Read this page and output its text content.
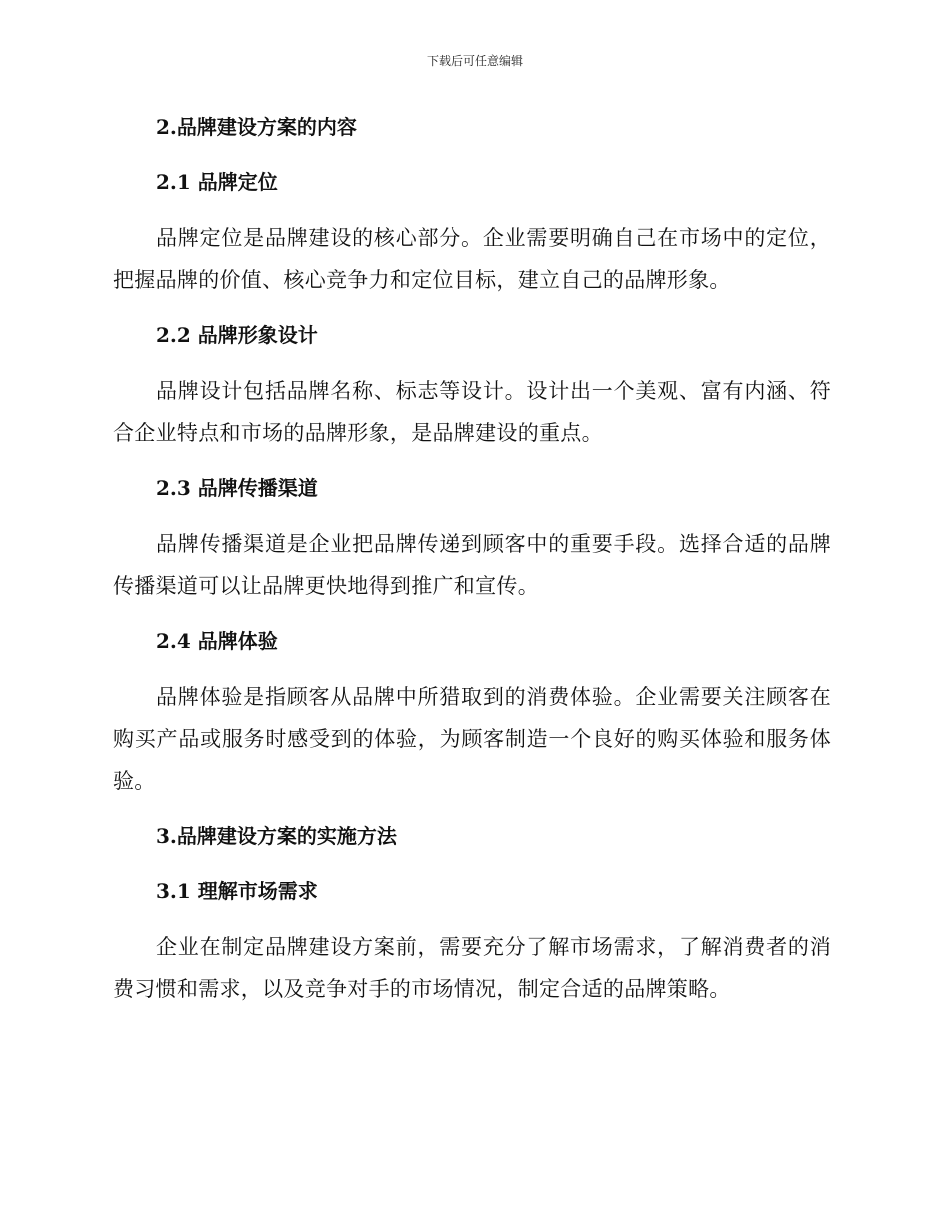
下载后可任意编辑
2.品牌建设方案的内容
2.1 品牌定位

品牌定位是品牌建设的核心部分。企业需要明确自己在市场中的定位，把握品牌的价值、核心竞争力和定位目标，建立自己的品牌形象。

2.2 品牌形象设计

品牌设计包括品牌名称、标志等设计。设计出一个美观、富有内涵、符合企业特点和市场的品牌形象，是品牌建设的重点。

2.3 品牌传播渠道

品牌传播渠道是企业把品牌传递到顾客中的重要手段。选择合适的品牌传播渠道可以让品牌更快地得到推广和宣传。

2.4 品牌体验

品牌体验是指顾客从品牌中所猎取到的消费体验。企业需要关注顾客在购买产品或服务时感受到的体验，为顾客制造一个良好的购买体验和服务体验。

3.品牌建设方案的实施方法
3.1 理解市场需求

企业在制定品牌建设方案前，需要充分了解市场需求，了解消费者的消费习惯和需求，以及竞争对手的市场情况，制定合适的品牌策略。
